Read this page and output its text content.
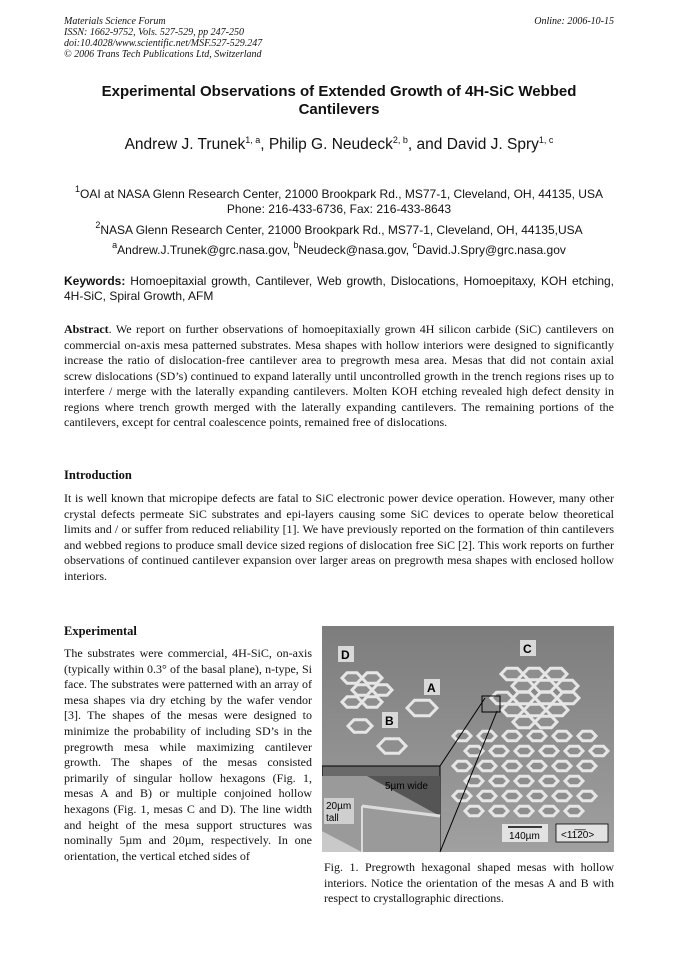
Materials Science Forum
ISSN: 1662-9752, Vols. 527-529, pp 247-250
doi:10.4028/www.scientific.net/MSF.527-529.247
© 2006 Trans Tech Publications Ltd, Switzerland
Online: 2006-10-15
Experimental Observations of Extended Growth of 4H-SiC Webbed Cantilevers
Andrew J. Trunek$^{1, a}$, Philip G. Neudeck$^{2, b}$, and David J. Spry$^{1, c}$
$^1$OAI at NASA Glenn Research Center, 21000 Brookpark Rd., MS77-1, Cleveland, OH, 44135, USA Phone: 216-433-6736, Fax: 216-433-8643
$^2$NASA Glenn Research Center, 21000 Brookpark Rd., MS77-1, Cleveland, OH, 44135,USA
$^a$Andrew.J.Trunek@grc.nasa.gov, $^b$Neudeck@nasa.gov, $^c$David.J.Spry@grc.nasa.gov
Keywords: Homoepitaxial growth, Cantilever, Web growth, Dislocations, Homoepitaxy, KOH etching, 4H-SiC, Spiral Growth, AFM
Abstract. We report on further observations of homoepitaxially grown 4H silicon carbide (SiC) cantilevers on commercial on-axis mesa patterned substrates. Mesa shapes with hollow interiors were designed to significantly increase the ratio of dislocation-free cantilever area to pregrowth mesa area. Mesas that did not contain axial screw dislocations (SD’s) continued to expand laterally until uncontrolled growth in the trench regions rises up to interfere / merge with the laterally expanding cantilevers. Molten KOH etching revealed high defect density in regions where trench growth merged with the laterally expanding cantilevers. The remaining portions of the cantilevers, except for central coalescence points, remained free of dislocations.
Introduction
It is well known that micropipe defects are fatal to SiC electronic power device operation. However, many other crystal defects permeate SiC substrates and epi-layers causing some SiC devices to operate below theoretical limits and / or suffer from reduced reliability [1]. We have previously reported on the formation of thin cantilevers and webbed regions to produce small device sized regions of dislocation free SiC [2]. This work reports on further observations of continued cantilever expansion over larger areas on pregrowth mesa shapes with enclosed hollow interiors.
Experimental
The substrates were commercial, 4H-SiC, on-axis (typically within 0.3° of the basal plane), n-type, Si face. The substrates were patterned with an array of mesa shapes via dry etching by the wafer vendor [3]. The shapes of the mesas were designed to minimize the probability of including SD’s in the pregrowth mesa while maximizing cantilever growth. The shapes of the mesas consisted primarily of singular hollow hexagons (Fig. 1, mesas A and B) or multiple conjoined hollow hexagons (Fig. 1, mesas C and D). The line width and height of the mesa support structures was nominally 5µm and 20µm, respectively. In one orientation, the vertical etched sides of
D	C
A
B
5µm wide
20µm
tall
140µm <11̅2̅0>
Fig. 1. Pregrowth hexagonal shaped mesas with hollow interiors. Notice the orientation of the mesas A and B with respect to crystallographic directions.
